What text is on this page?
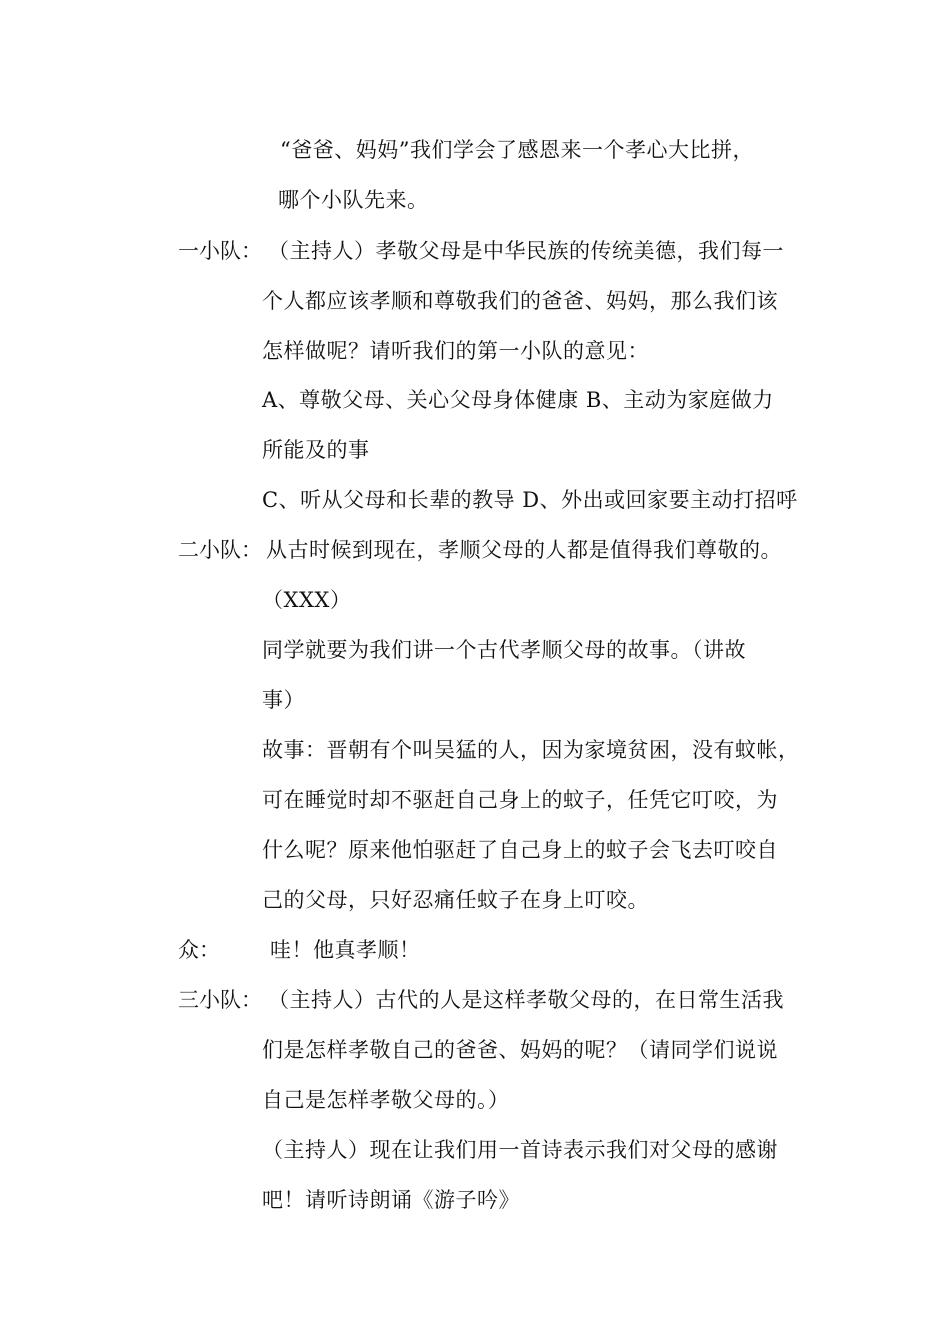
“爸爸、妈妈”我们学会了感恩来一个孝心大比拼，
哪个小队先来。
一小队： （主持人）孝敬父母是中华民族的传统美德，我们每一
个人都应该孝顺和尊敬我们的爸爸、妈妈，那么我们该
怎样做呢？请听我们的第一小队的意见：
A、尊敬父母、关心父母身体健康 B、主动为家庭做力
所能及的事
C、听从父母和长辈的教导 D、外出或回家要主动打招呼
二小队： 从古时候到现在，孝顺父母的人都是值得我们尊敬的。
（XXX）
同学就要为我们讲一个古代孝顺父母的故事。（讲故
事）
故事：晋朝有个叫吴猛的人，因为家境贫困，没有蚊帐，
可在睡觉时却不驱赶自己身上的蚊子，任凭它叮咬，为
什么呢？原来他怕驱赶了自己身上的蚊子会飞去叮咬自
己的父母，只好忍痛任蚊子在身上叮咬。
众： 哇！他真孝顺！
三小队： （主持人）古代的人是这样孝敬父母的，在日常生活我
们是怎样孝敬自己的爸爸、妈妈的呢？（请同学们说说
自己是怎样孝敬父母的。）
（主持人）现在让我们用一首诗表示我们对父母的感谢
吧！请听诗朗诵《游子吟》
